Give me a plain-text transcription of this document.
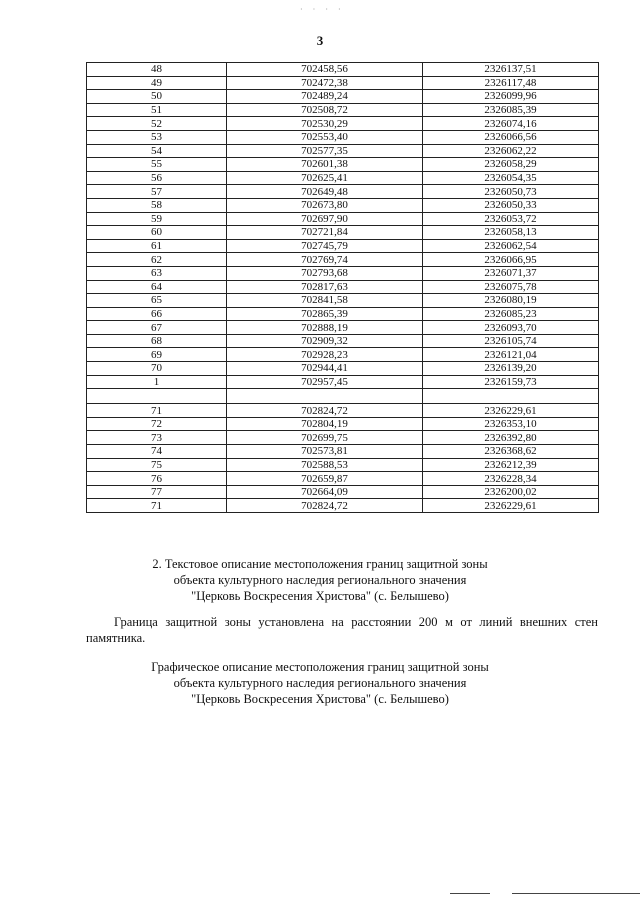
· · · ·
3
48	702458,56	2326137,51
49	702472,38	2326117,48
50	702489,24	2326099,96
51	702508,72	2326085,39
52	702530,29	2326074,16
53	702553,40	2326066,56
54	702577,35	2326062,22
55	702601,38	2326058,29
56	702625,41	2326054,35
57	702649,48	2326050,73
58	702673,80	2326050,33
59	702697,90	2326053,72
60	702721,84	2326058,13
61	702745,79	2326062,54
62	702769,74	2326066,95
63	702793,68	2326071,37
64	702817,63	2326075,78
65	702841,58	2326080,19
66	702865,39	2326085,23
67	702888,19	2326093,70
68	702909,32	2326105,74
69	702928,23	2326121,04
70	702944,41	2326139,20
1	702957,45	2326159,73

71	702824,72	2326229,61
72	702804,19	2326353,10
73	702699,75	2326392,80
74	702573,81	2326368,62
75	702588,53	2326212,39
76	702659,87	2326228,34
77	702664,09	2326200,02
71	702824,72	2326229,61
2. Текстовое описание местоположения границ защитной зоны
объекта культурного наследия регионального значения
"Церковь Воскресения Христова" (с. Белышево)
Граница защитной зоны установлена на расстоянии 200 м от линий внешних стен
памятника.
Графическое описание местоположения границ защитной зоны
объекта культурного наследия регионального значения
"Церковь Воскресения Христова" (с. Белышево)
